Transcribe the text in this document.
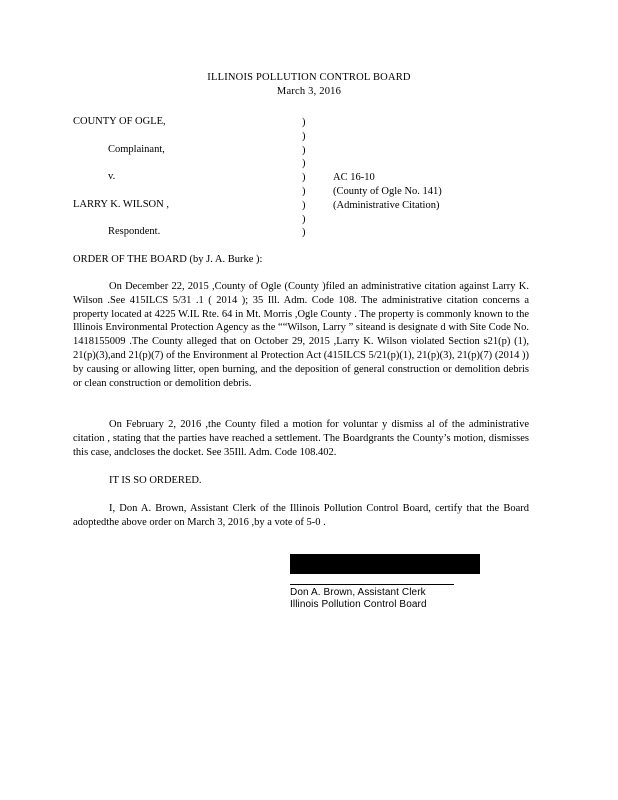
ILLINOIS POLLUTION CONTROL BOARD
March 3, 2016
COUNTY OF OGLE,
Complainant,
v.
LARRY K. WILSON ,
Respondent.
)
)
)
)
)
)
)
)
)
AC 16-10
(County of Ogle No. 141)
(Administrative Citation)
ORDER OF THE BOARD (by J. A. Burke ):
On December 22, 2015 ,County of Ogle (County )filed an administrative citation against Larry K. Wilson .See 415ILCS 5/31 .1 ( 2014 ); 35 Ill. Adm. Code 108. The administrative citation concerns a property located at 4225 W.IL Rte. 64 in Mt. Morris ,Ogle County . The property is commonly known to the Illinois Environmental Protection Agency as the ““Wilson, Larry ” siteand is designate d with Site Code No. 1418155009 .The County alleged that on October 29, 2015 ,Larry K. Wilson violated Section s21(p) (1), 21(p)(3),and 21(p)(7) of the Environment al Protection Act (415ILCS 5/21(p)(1), 21(p)(3), 21(p)(7) (2014 )) by causing or allowing litter, open burning, and the deposition of general construction or demolition debris or clean construction or demolition debris.
On February 2, 2016 ,the County filed a motion for voluntar y dismiss al of the administrative citation , stating that the parties have reached a settlement. The Boardgrants the County’s motion, dismisses this case, andcloses the docket. See 35Ill. Adm. Code 108.402.
IT IS SO ORDERED.
I, Don A. Brown, Assistant Clerk of the Illinois Pollution Control Board, certify that the Board adoptedthe above order on March 3, 2016 ,by a vote of 5-0 .
Don A. Brown, Assistant Clerk
Illinois Pollution Control Board
